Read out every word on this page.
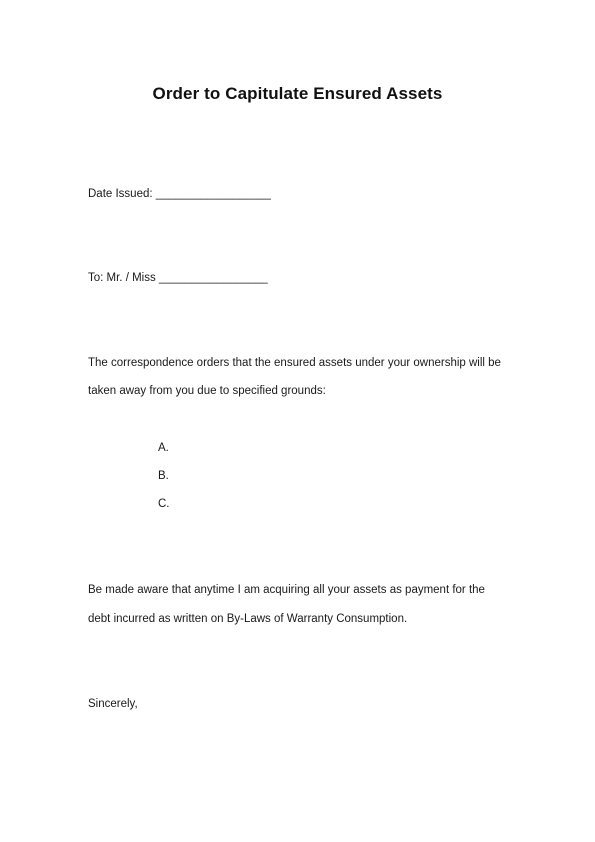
Order to Capitulate Ensured Assets
Date Issued: __________________
To: Mr. / Miss _________________
The correspondence orders that the ensured assets under your ownership will be
taken away from you due to specified grounds:
A.
B.
C.
Be made aware that anytime I am acquiring all your assets as payment for the
debt incurred as written on By-Laws of Warranty Consumption.
Sincerely,
